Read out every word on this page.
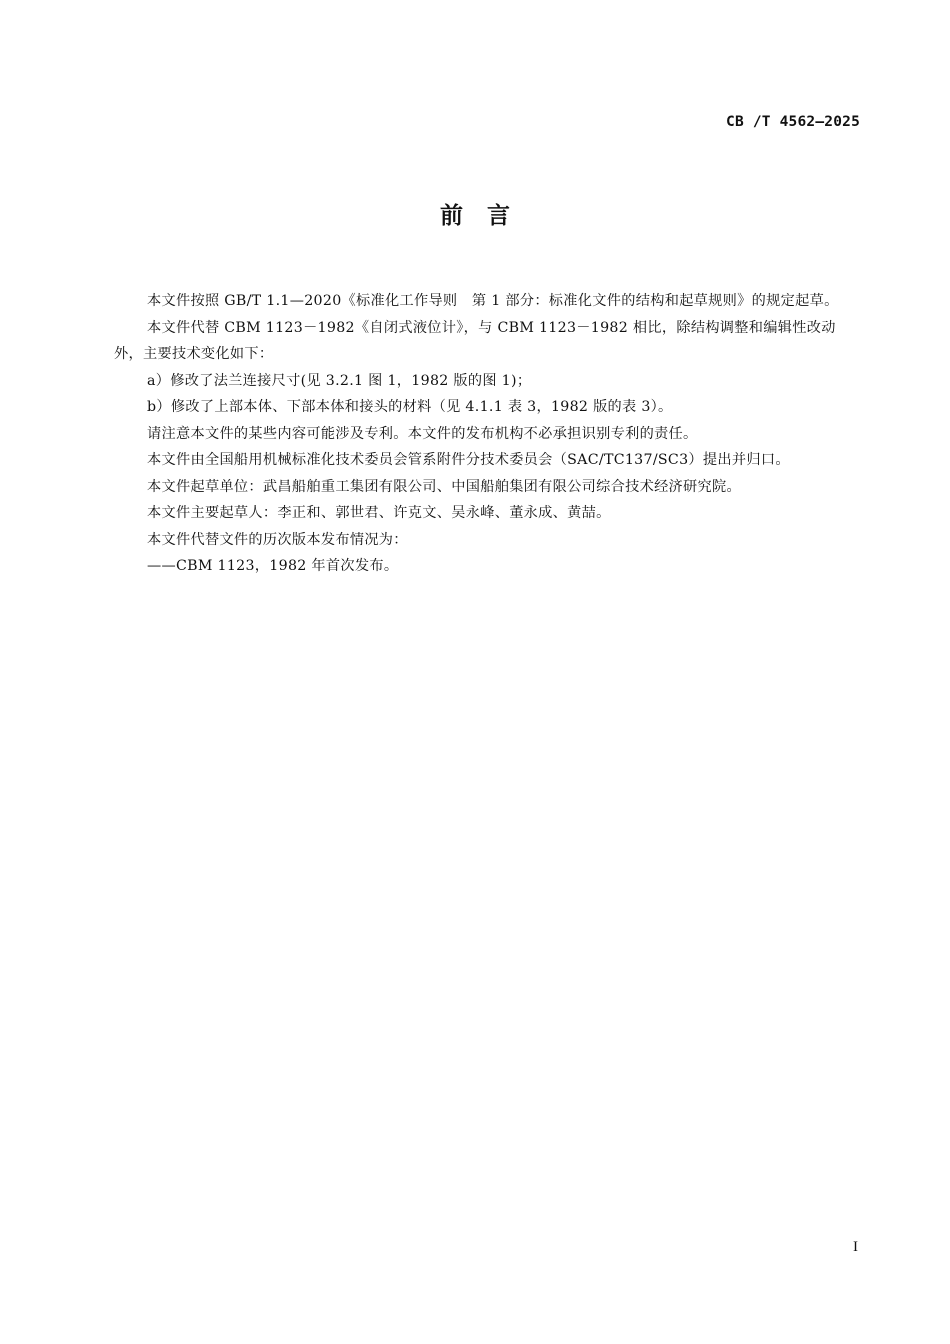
CB /T 4562—2025
前言

本文件按照 GB/T 1.1—2020《标准化工作导则　第 1 部分：标准化文件的结构和起草规则》的规定起草。

本文件代替 CBM 1123－1982《自闭式液位计》，与 CBM 1123－1982 相比，除结构调整和编辑性改动外，主要技术变化如下：

a）修改了法兰连接尺寸(见 3.2.1 图 1，1982 版的图 1)；

b）修改了上部本体、下部本体和接头的材料（见 4.1.1 表 3，1982 版的表 3）。

请注意本文件的某些内容可能涉及专利。本文件的发布机构不必承担识别专利的责任。

本文件由全国船用机械标准化技术委员会管系附件分技术委员会（SAC/TC137/SC3）提出并归口。

本文件起草单位：武昌船舶重工集团有限公司、中国船舶集团有限公司综合技术经济研究院。

本文件主要起草人：李正和、郭世君、许克文、吴永峰、董永成、黄喆。

本文件代替文件的历次版本发布情况为：

——CBM 1123，1982 年首次发布。

I
